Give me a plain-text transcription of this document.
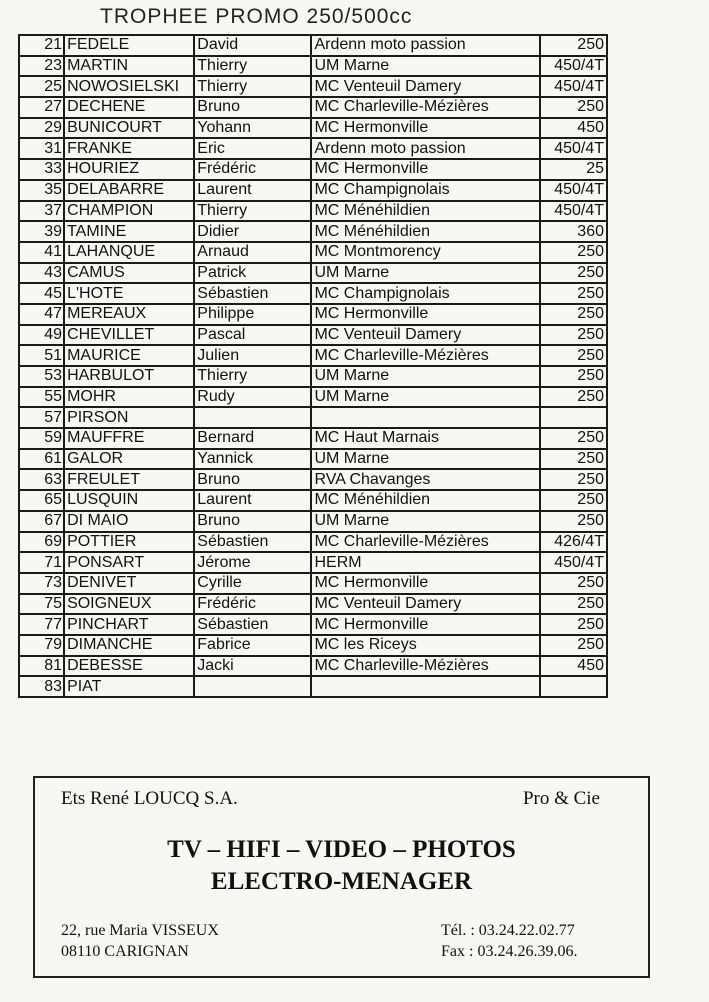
TROPHEE PROMO 250/500cc
21	FEDELE	David	Ardenn moto passion	250
23	MARTIN	Thierry	UM Marne	450/4T
25	NOWOSIELSKI	Thierry	MC Venteuil Damery	450/4T
27	DECHENE	Bruno	MC Charleville-Mézières	250
29	BUNICOURT	Yohann	MC Hermonville	450
31	FRANKE	Eric	Ardenn moto passion	450/4T
33	HOURIEZ	Frédéric	MC Hermonville	25
35	DELABARRE	Laurent	MC Champignolais	450/4T
37	CHAMPION	Thierry	MC Ménéhildien	450/4T
39	TAMINE	Didier	MC Ménéhildien	360
41	LAHANQUE	Arnaud	MC Montmorency	250
43	CAMUS	Patrick	UM Marne	250
45	L'HOTE	Sébastien	MC Champignolais	250
47	MEREAUX	Philippe	MC Hermonville	250
49	CHEVILLET	Pascal	MC Venteuil Damery	250
51	MAURICE	Julien	MC Charleville-Mézières	250
53	HARBULOT	Thierry	UM Marne	250
55	MOHR	Rudy	UM Marne	250
57	PIRSON			
59	MAUFFRE	Bernard	MC Haut Marnais	250
61	GALOR	Yannick	UM Marne	250
63	FREULET	Bruno	RVA Chavanges	250
65	LUSQUIN	Laurent	MC Ménéhildien	250
67	DI MAIO	Bruno	UM Marne	250
69	POTTIER	Sébastien	MC Charleville-Mézières	426/4T
71	PONSART	Jérome	HERM	450/4T
73	DENIVET	Cyrille	MC Hermonville	250
75	SOIGNEUX	Frédéric	MC Venteuil Damery	250
77	PINCHART	Sébastien	MC Hermonville	250
79	DIMANCHE	Fabrice	MC les Riceys	250
81	DEBESSE	Jacki	MC Charleville-Mézières	450
83	PIAT			
Ets René LOUCQ S.A.	Pro & Cie
TV – HIFI – VIDEO – PHOTOS
ELECTRO-MENAGER
22, rue Maria VISSEUX
08110 CARIGNAN
Tél. : 03.24.22.02.77
Fax : 03.24.26.39.06.
